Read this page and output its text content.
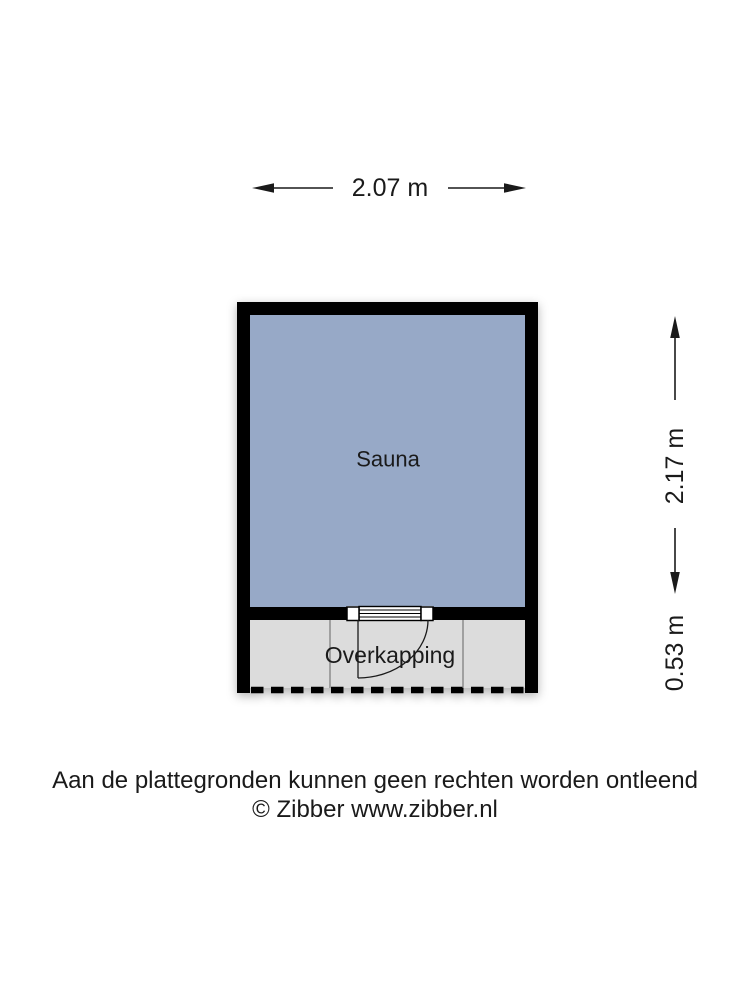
2.07 m
2.17 m
0.53 m
Sauna
Overkapping
Aan de plattegronden kunnen geen rechten worden ontleend
© Zibber www.zibber.nl
